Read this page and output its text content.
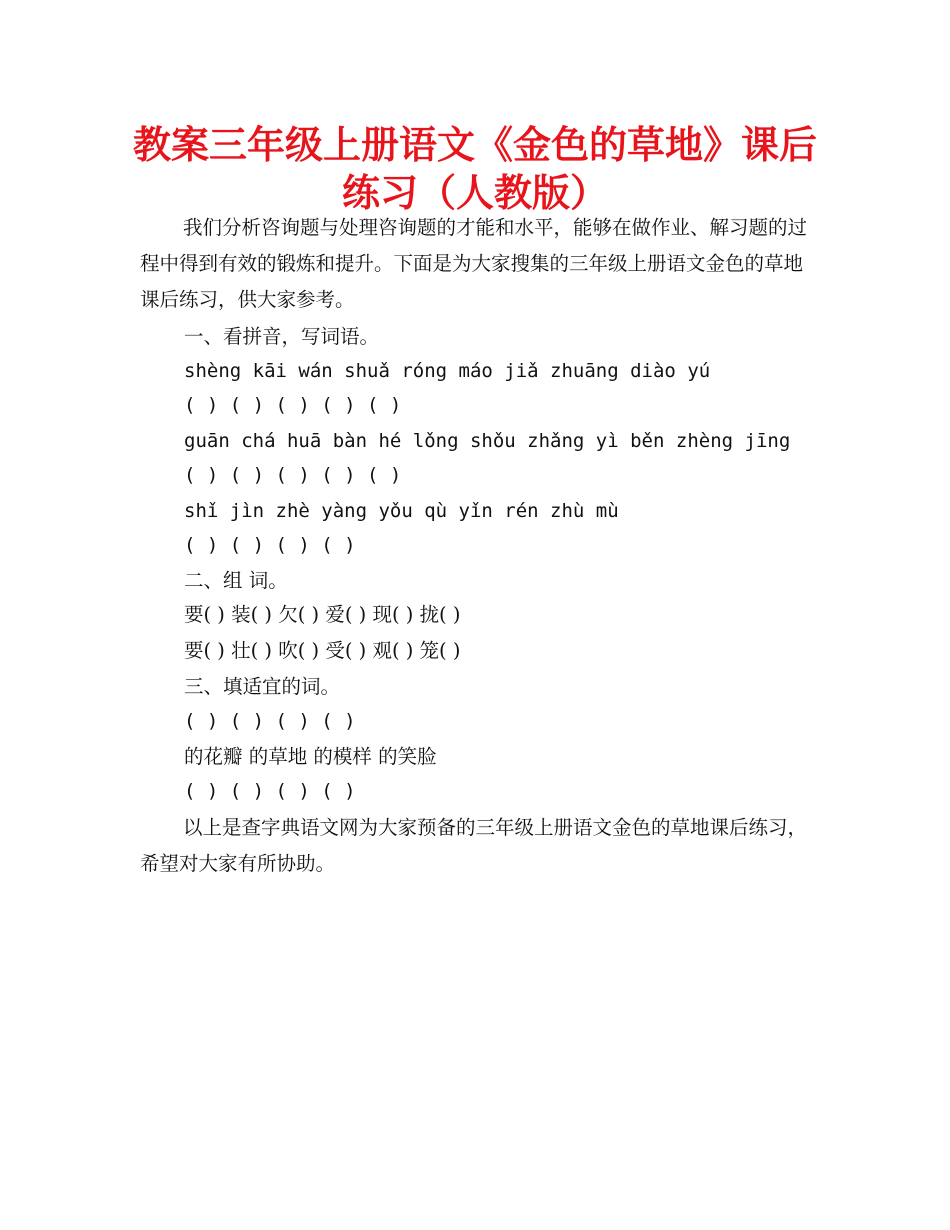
教案三年级上册语文《金色的草地》课后
练习（人教版）

我们分析咨询题与处理咨询题的才能和水平，能够在做作业、解习题的过程中得到有效的锻炼和提升。下面是为大家搜集的三年级上册语文金色的草地课后练习，供大家参考。

一、看拼音，写词语。

shèng kāi wán shuǎ róng máo jiǎ zhuāng diào yú

( ) ( ) ( ) ( ) ( )

guān chá huā bàn hé lǒng shǒu zhǎng yì běn zhèng jīng

( ) ( ) ( ) ( ) ( )

shǐ jìn zhè yàng yǒu qù yǐn rén zhù mù

( ) ( ) ( ) ( )

二、组 词。

要( ) 装( ) 欠( ) 爱( ) 现( ) 拢( )

要( ) 壮( ) 吹( ) 受( ) 观( ) 笼( )

三、填适宜的词。

( ) ( ) ( ) ( )

的花瓣 的草地 的模样 的笑脸

( ) ( ) ( ) ( )

以上是查字典语文网为大家预备的三年级上册语文金色的草地课后练习，希望对大家有所协助。
